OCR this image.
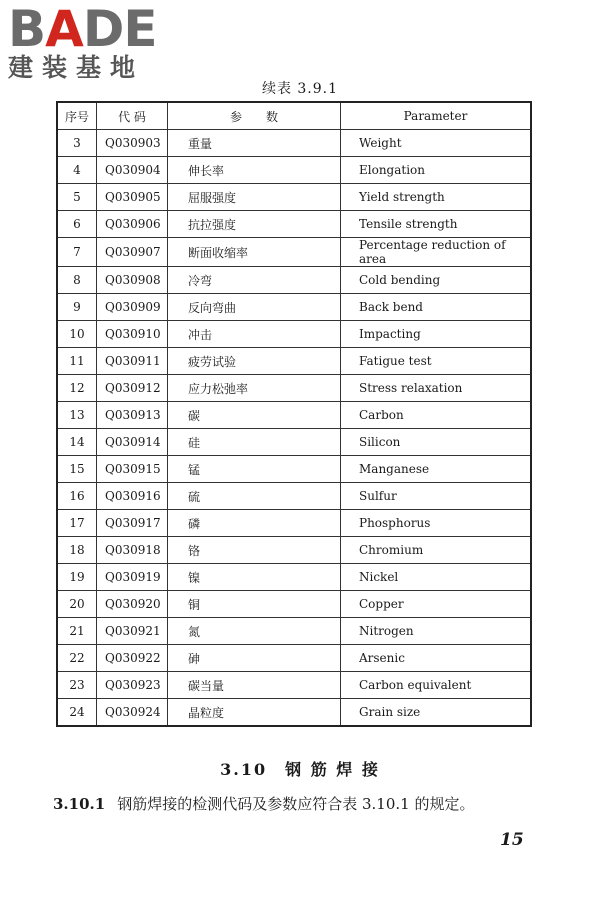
BADE
建装基地
续表 3.9.1
序号	代 码	参　　数	Parameter
3	Q030903	重量	Weight
4	Q030904	伸长率	Elongation
5	Q030905	屈服强度	Yield strength
6	Q030906	抗拉强度	Tensile strength
7	Q030907	断面收缩率	Percentage reduction of area
8	Q030908	冷弯	Cold bending
9	Q030909	反向弯曲	Back bend
10	Q030910	冲击	Impacting
11	Q030911	疲劳试验	Fatigue test
12	Q030912	应力松弛率	Stress relaxation
13	Q030913	碳	Carbon
14	Q030914	硅	Silicon
15	Q030915	锰	Manganese
16	Q030916	硫	Sulfur
17	Q030917	磷	Phosphorus
18	Q030918	铬	Chromium
19	Q030919	镍	Nickel
20	Q030920	铜	Copper
21	Q030921	氮	Nitrogen
22	Q030922	砷	Arsenic
23	Q030923	碳当量	Carbon equivalent
24	Q030924	晶粒度	Grain size
3.10　钢 筋 焊 接
3.10.1 钢筋焊接的检测代码及参数应符合表 3.10.1 的规定。
15
